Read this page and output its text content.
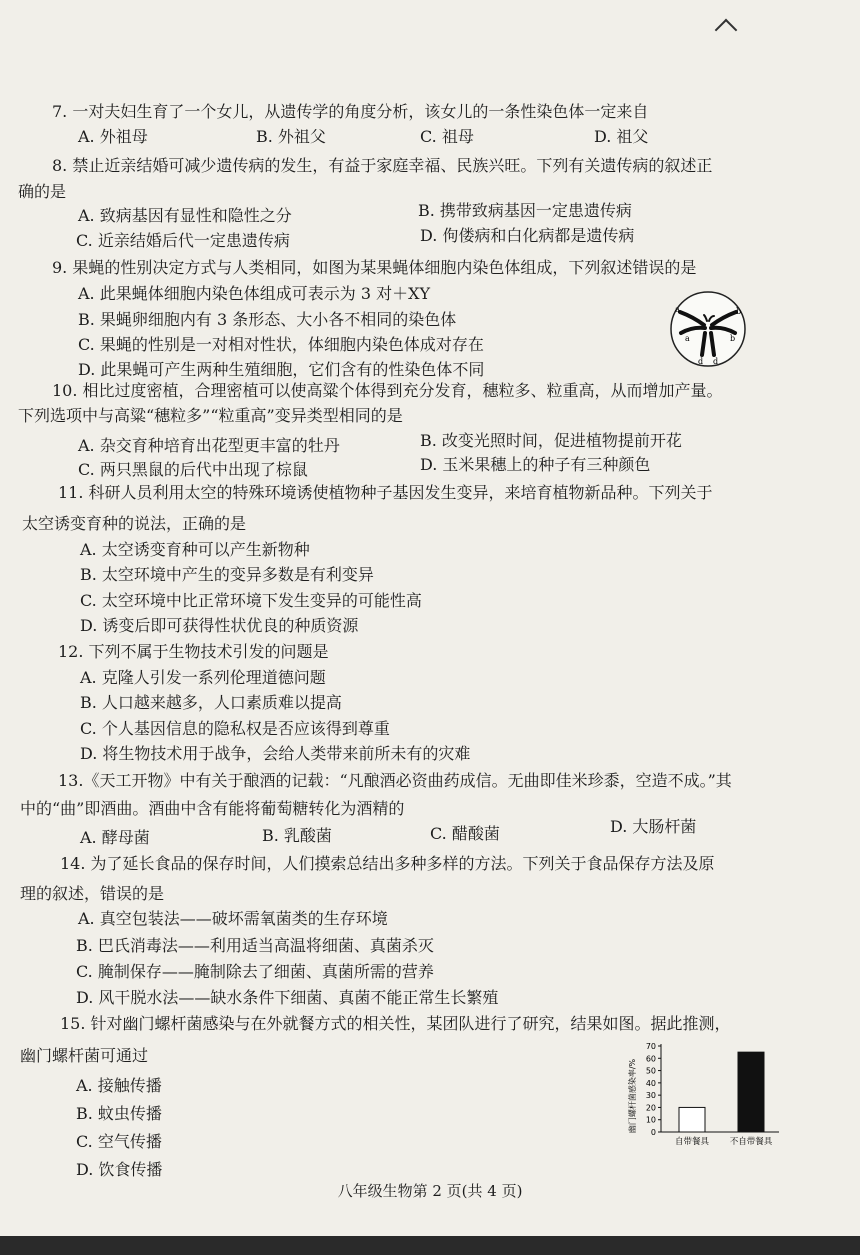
7. 一对夫妇生育了一个女儿，从遗传学的角度分析，该女儿的一条性染色体一定来自
A. 外祖母	B. 外祖父	C. 祖母	D. 祖父
8. 禁止近亲结婚可减少遗传病的发生，有益于家庭幸福、民族兴旺。下列有关遗传病的叙述正
确的是
A. 致病基因有显性和隐性之分	B. 携带致病基因一定患遗传病
C. 近亲结婚后代一定患遗传病	D. 佝偻病和白化病都是遗传病
9. 果蝇的性别决定方式与人类相同，如图为某果蝇体细胞内染色体组成，下列叙述错误的是
A. 此果蝇体细胞内染色体组成可表示为 3 对＋XY
B. 果蝇卵细胞内有 3 条形态、大小各不相同的染色体
C. 果蝇的性别是一对相对性状，体细胞内染色体成对存在
D. 此果蝇可产生两种生殖细胞，它们含有的性染色体不同
a	b
a	b
d d
10. 相比过度密植，合理密植可以使高粱个体得到充分发育，穗粒多、粒重高，从而增加产量。
下列选项中与高粱“穗粒多”“粒重高”变异类型相同的是
A. 杂交育种培育出花型更丰富的牡丹	B. 改变光照时间，促进植物提前开花
C. 两只黑鼠的后代中出现了棕鼠	D. 玉米果穗上的种子有三种颜色
11. 科研人员利用太空的特殊环境诱使植物种子基因发生变异，来培育植物新品种。下列关于
太空诱变育种的说法，正确的是
A. 太空诱变育种可以产生新物种
B. 太空环境中产生的变异多数是有利变异
C. 太空环境中比正常环境下发生变异的可能性高
D. 诱变后即可获得性状优良的种质资源
12. 下列不属于生物技术引发的问题是
A. 克隆人引发一系列伦理道德问题
B. 人口越来越多，人口素质难以提高
C. 个人基因信息的隐私权是否应该得到尊重
D. 将生物技术用于战争，会给人类带来前所未有的灾难
13.《天工开物》中有关于酿酒的记载：“凡酿酒必资曲药成信。无曲即佳米珍黍，空造不成。”其
中的“曲”即酒曲。酒曲中含有能将葡萄糖转化为酒精的
A. 酵母菌	B. 乳酸菌	C. 醋酸菌	D. 大肠杆菌
14. 为了延长食品的保存时间，人们摸索总结出多种多样的方法。下列关于食品保存方法及原
理的叙述，错误的是
A. 真空包装法——破坏需氧菌类的生存环境
B. 巴氏消毒法——利用适当高温将细菌、真菌杀灭
C. 腌制保存——腌制除去了细菌、真菌所需的营养
D. 风干脱水法——缺水条件下细菌、真菌不能正常生长繁殖
15. 针对幽门螺杆菌感染与在外就餐方式的相关性，某团队进行了研究，结果如图。据此推测，
幽门螺杆菌可通过
A. 接触传播
B. 蚊虫传播
C. 空气传播
D. 饮食传播
幽门螺杆菌感染率/% 0
10
20
30
40
50
60
70
自带餐具 不自带餐具
八年级生物第 2 页(共 4 页)
